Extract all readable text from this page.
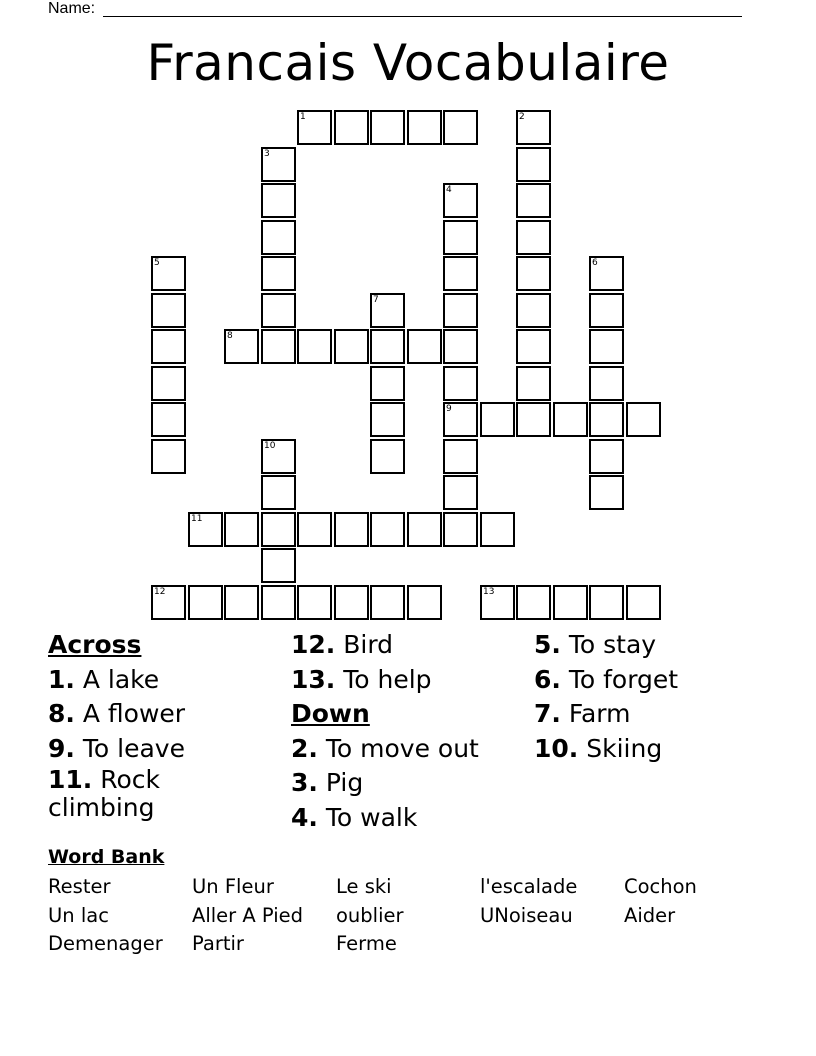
Name:
Francais Vocabulaire
1	2
3
4
9
5	6
7
8
10
11
12	13
Across
1. A lake
8. A flower
9. To leave
11. Rock climbing
12. Bird
13. To help
Down
2. To move out
3. Pig
4. To walk
5. To stay
6. To forget
7. Farm
10. Skiing
Word Bank
Rester	Un Fleur	Le ski	l'escalade	Cochon
Un lac	Aller A Pied	oublier	UNoiseau	Aider
Demenager	Partir	Ferme
